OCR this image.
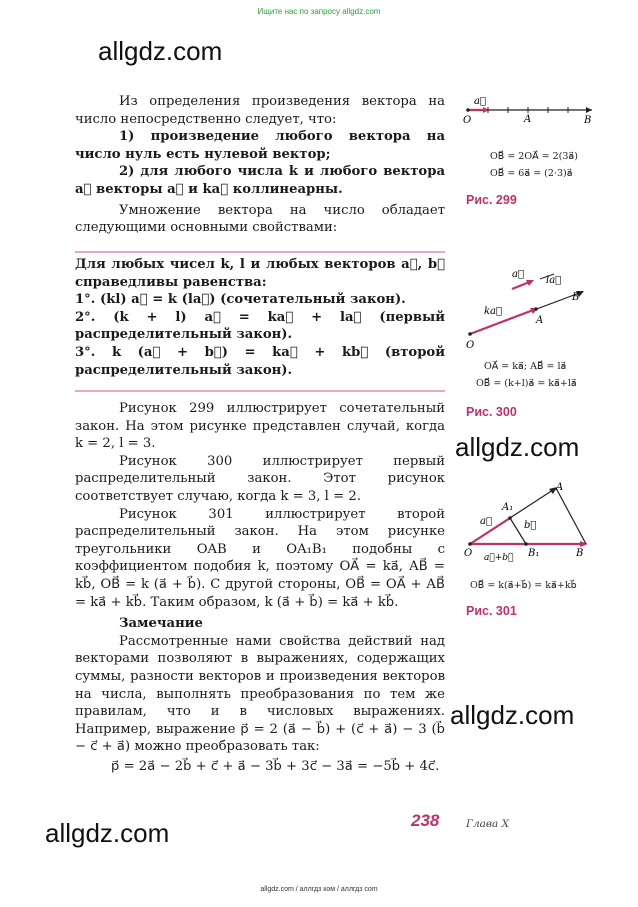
Ищите нас по запросу allgdz.com
allgdz.com
allgdz.com
allgdz.com
allgdz.com
allgdz.com / аллгдз ком / аллгдз com

Из определения произведения вектора на число непосредственно следует, что:

1) произведение любого вектора на число нуль есть нулевой вектор;

2) для любого числа k и любого вектора a⃗ векторы a⃗ и ka⃗ коллинеарны.

Умножение вектора на число обладает следующими основными свойствами:

Для любых чисел k, l и любых векторов a⃗, b⃗ справедливы равенства:

1°. (kl) a⃗ = k (la⃗) (сочетательный закон).

2°. (k + l) a⃗ = ka⃗ + la⃗ (первый распределительный закон).

3°. k (a⃗ + b⃗) = ka⃗ + kb⃗ (второй распределительный закон).

Рисунок 299 иллюстрирует сочетательный закон. На этом рисунке представлен случай, когда k = 2, l = 3.

Рисунок 300 иллюстрирует первый распределительный закон. Этот рисунок соответствует случаю, когда k = 3, l = 2.

Рисунок 301 иллюстрирует второй распределительный закон. На этом рисунке треугольники OAB и OA₁B₁ подобны с коэффициентом подобия k, поэтому OA⃗ = ka⃗, AB⃗ = kb⃗, OB⃗ = k (a⃗ + b⃗). С другой стороны, OB⃗ = OA⃗ + AB⃗ = ka⃗ + kb⃗. Таким образом, k (a⃗ + b⃗) = ka⃗ + kb⃗.

Замечание

Рассмотренные нами свойства действий над векторами позволяют в выражениях, содержащих суммы, разности векторов и произведения векторов на числа, выполнять преобразования по тем же правилам, что и в числовых выражениях. Например, выражение p⃗ = 2 (a⃗ − b⃗) + (c⃗ + a⃗) − 3 (b⃗ − c⃗ + a⃗) можно преобразовать так:

p⃗ = 2a⃗ − 2b⃗ + c⃗ + a⃗ − 3b⃗ + 3c⃗ − 3a⃗ = −5b⃗ + 4c⃗.

a⃗
O	A	B
OB⃗ = 2OA⃗ = 2(3a⃗)
OB⃗ = 6a⃗ = (2·3)a⃗
Рис. 299
a⃗
la⃗
ka⃗
O
A
B
OA⃗ = ka⃗; AB⃗ = la⃗
OB⃗ = (k+l)a⃗ = ka⃗+la⃗
Рис. 300
a⃗	b⃗
a⃗+b⃗
O
A
A₁
B₁	B
OB⃗ = k(a⃗+b⃗) = ka⃗+kb⃗
Рис. 301
238	Глава X
